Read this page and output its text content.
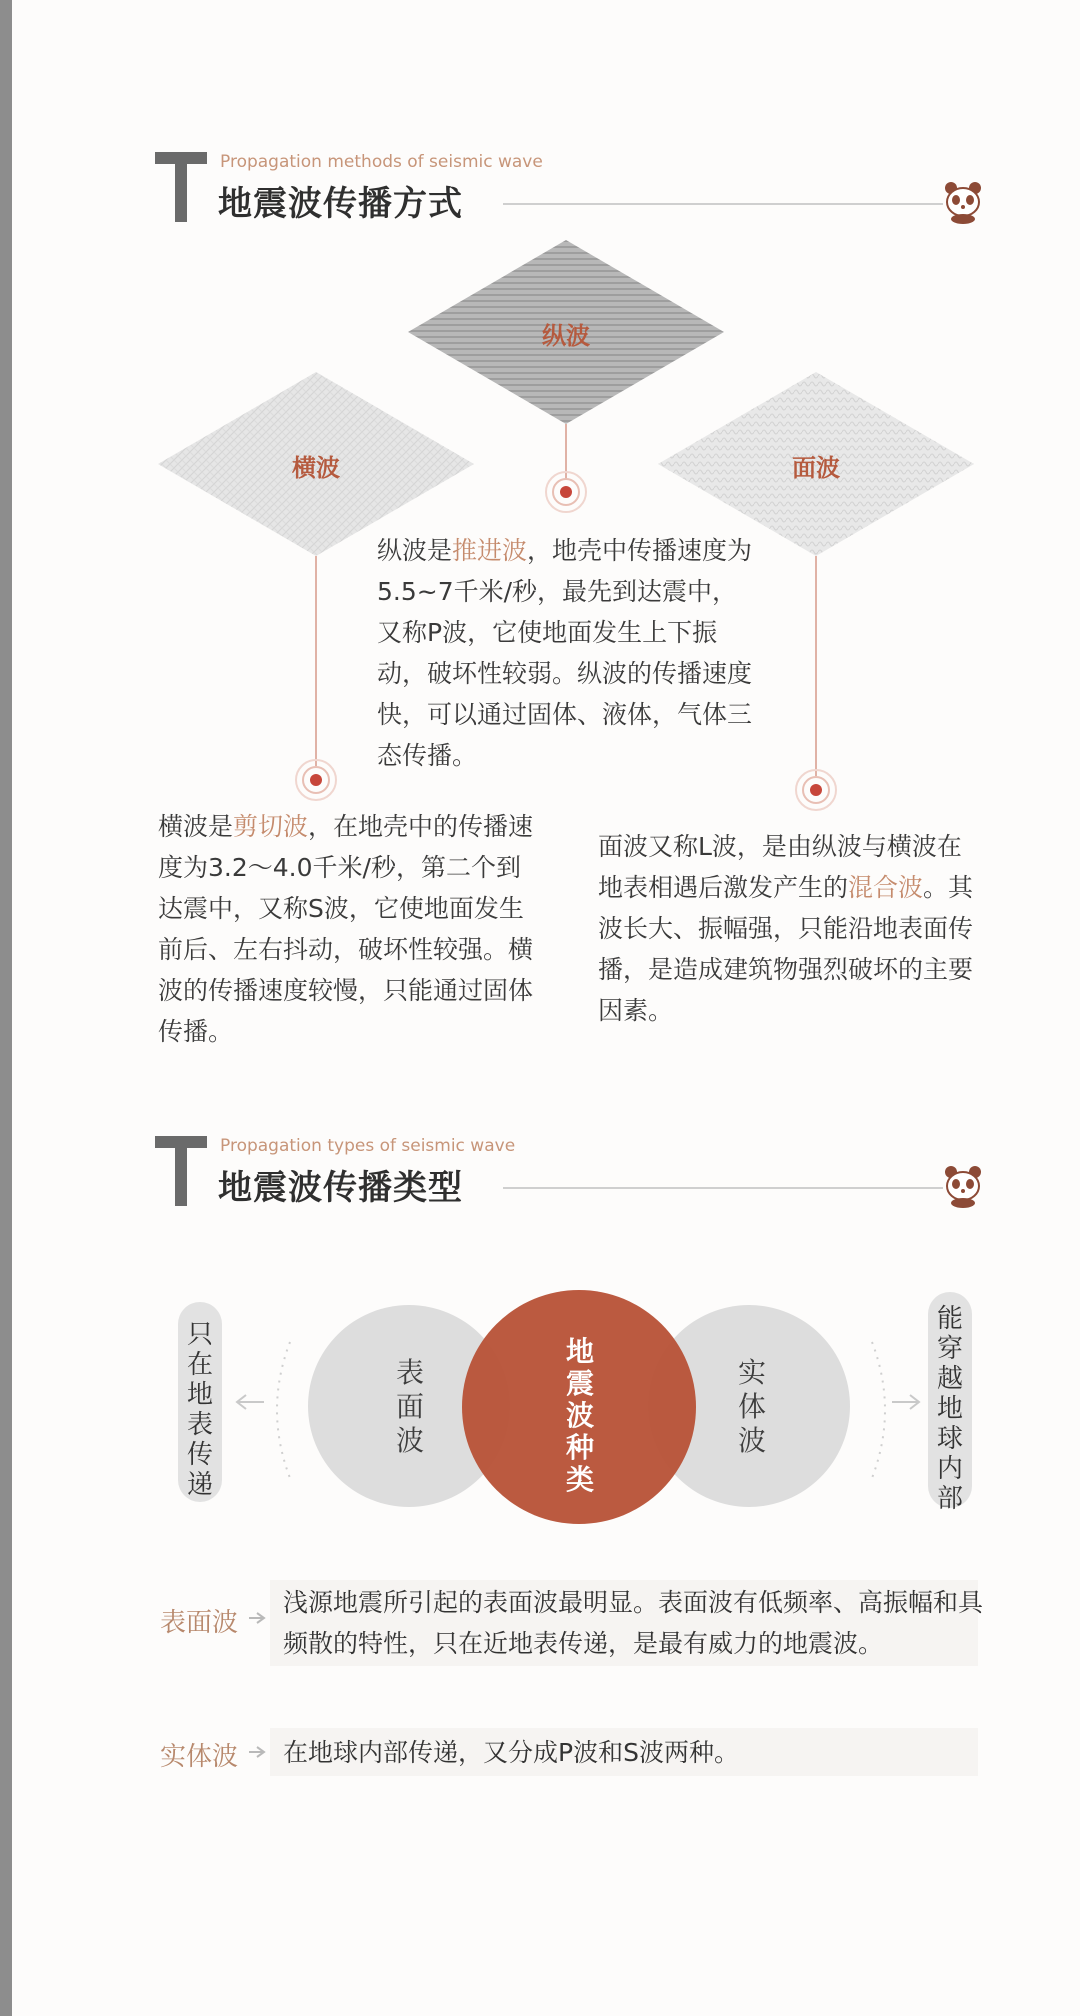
Propagation methods of seismic wave
地震波传播方式
纵波
横波	面波
纵波是推进波，地壳中传播速度为5.5~7千米/秒，最先到达震中，又称P波，它使地面发生上下振动，破坏性较弱。纵波的传播速度快，可以通过固体、液体，气体三态传播。
横波是剪切波，在地壳中的传播速度为3.2～4.0千米/秒，第二个到达震中，又称S波，它使地面发生前后、左右抖动，破坏性较强。横波的传播速度较慢，只能通过固体传播。
面波又称L波，是由纵波与横波在地表相遇后激发产生的混合波。其波长大、振幅强，只能沿地表面传播，是造成建筑物强烈破坏的主要因素。
Propagation types of seismic wave
地震波传播类型
表
面
波
实
体
波
地
震
波
种
类
只
在
地
表
传
递
能
穿
越
地
球
内
部
表面波
浅源地震所引起的表面波最明显。表面波有低频率、高振幅和具频散的特性，只在近地表传递，是最有威力的地震波。
实体波 在地球内部传递，又分成P波和S波两种。
